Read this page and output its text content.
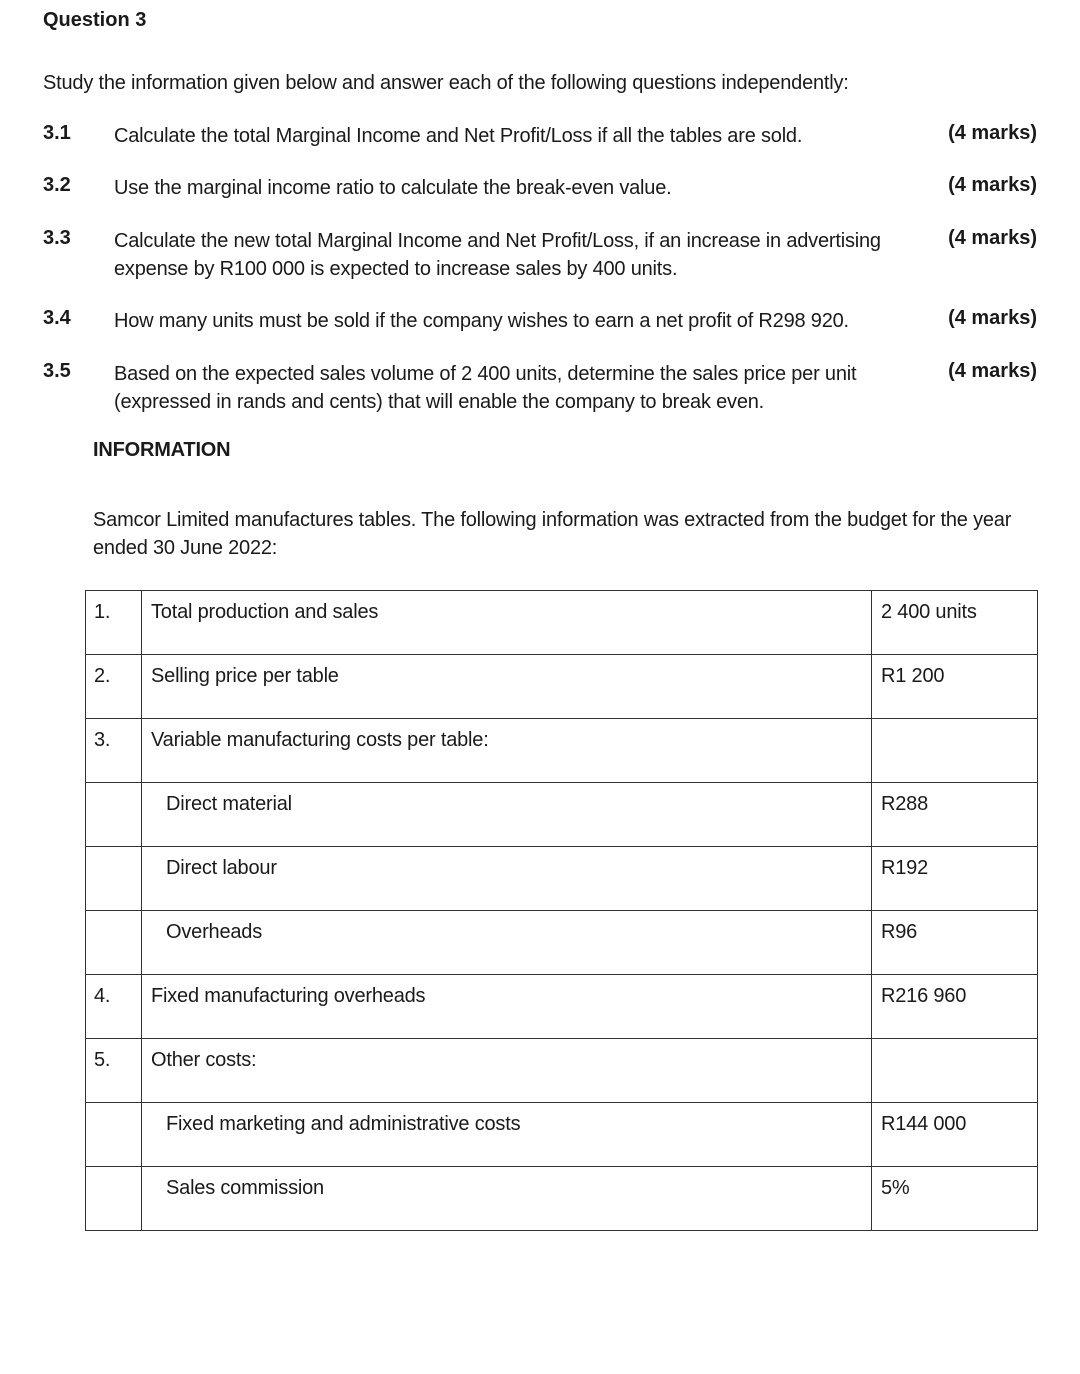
Question 3
Study the information given below and answer each of the following questions independently:
3.1 Calculate the total Marginal Income and Net Profit/Loss if all the tables are sold.	(4 marks)
3.2 Use the marginal income ratio to calculate the break-even value.	(4 marks)
3.3 Calculate the new total Marginal Income and Net Profit/Loss, if an increase in advertising expense by R100 000 is expected to increase sales by 400 units.
(4 marks)
3.4 How many units must be sold if the company wishes to earn a net profit of R298 920.	(4 marks)
3.5 Based on the expected sales volume of 2 400 units, determine the sales price per unit (expressed in rands and cents) that will enable the company to break even.
(4 marks)
INFORMATION
Samcor Limited manufactures tables. The following information was extracted from the budget for the year ended 30 June 2022:
1.	Total production and sales	2 400 units
2.	Selling price per table	R1 200
3.	Variable manufacturing costs per table:	
	Direct material	R288
	Direct labour	R192
	Overheads	R96
4.	Fixed manufacturing overheads	R216 960
5.	Other costs:	
	Fixed marketing and administrative costs	R144 000
	Sales commission	5%
